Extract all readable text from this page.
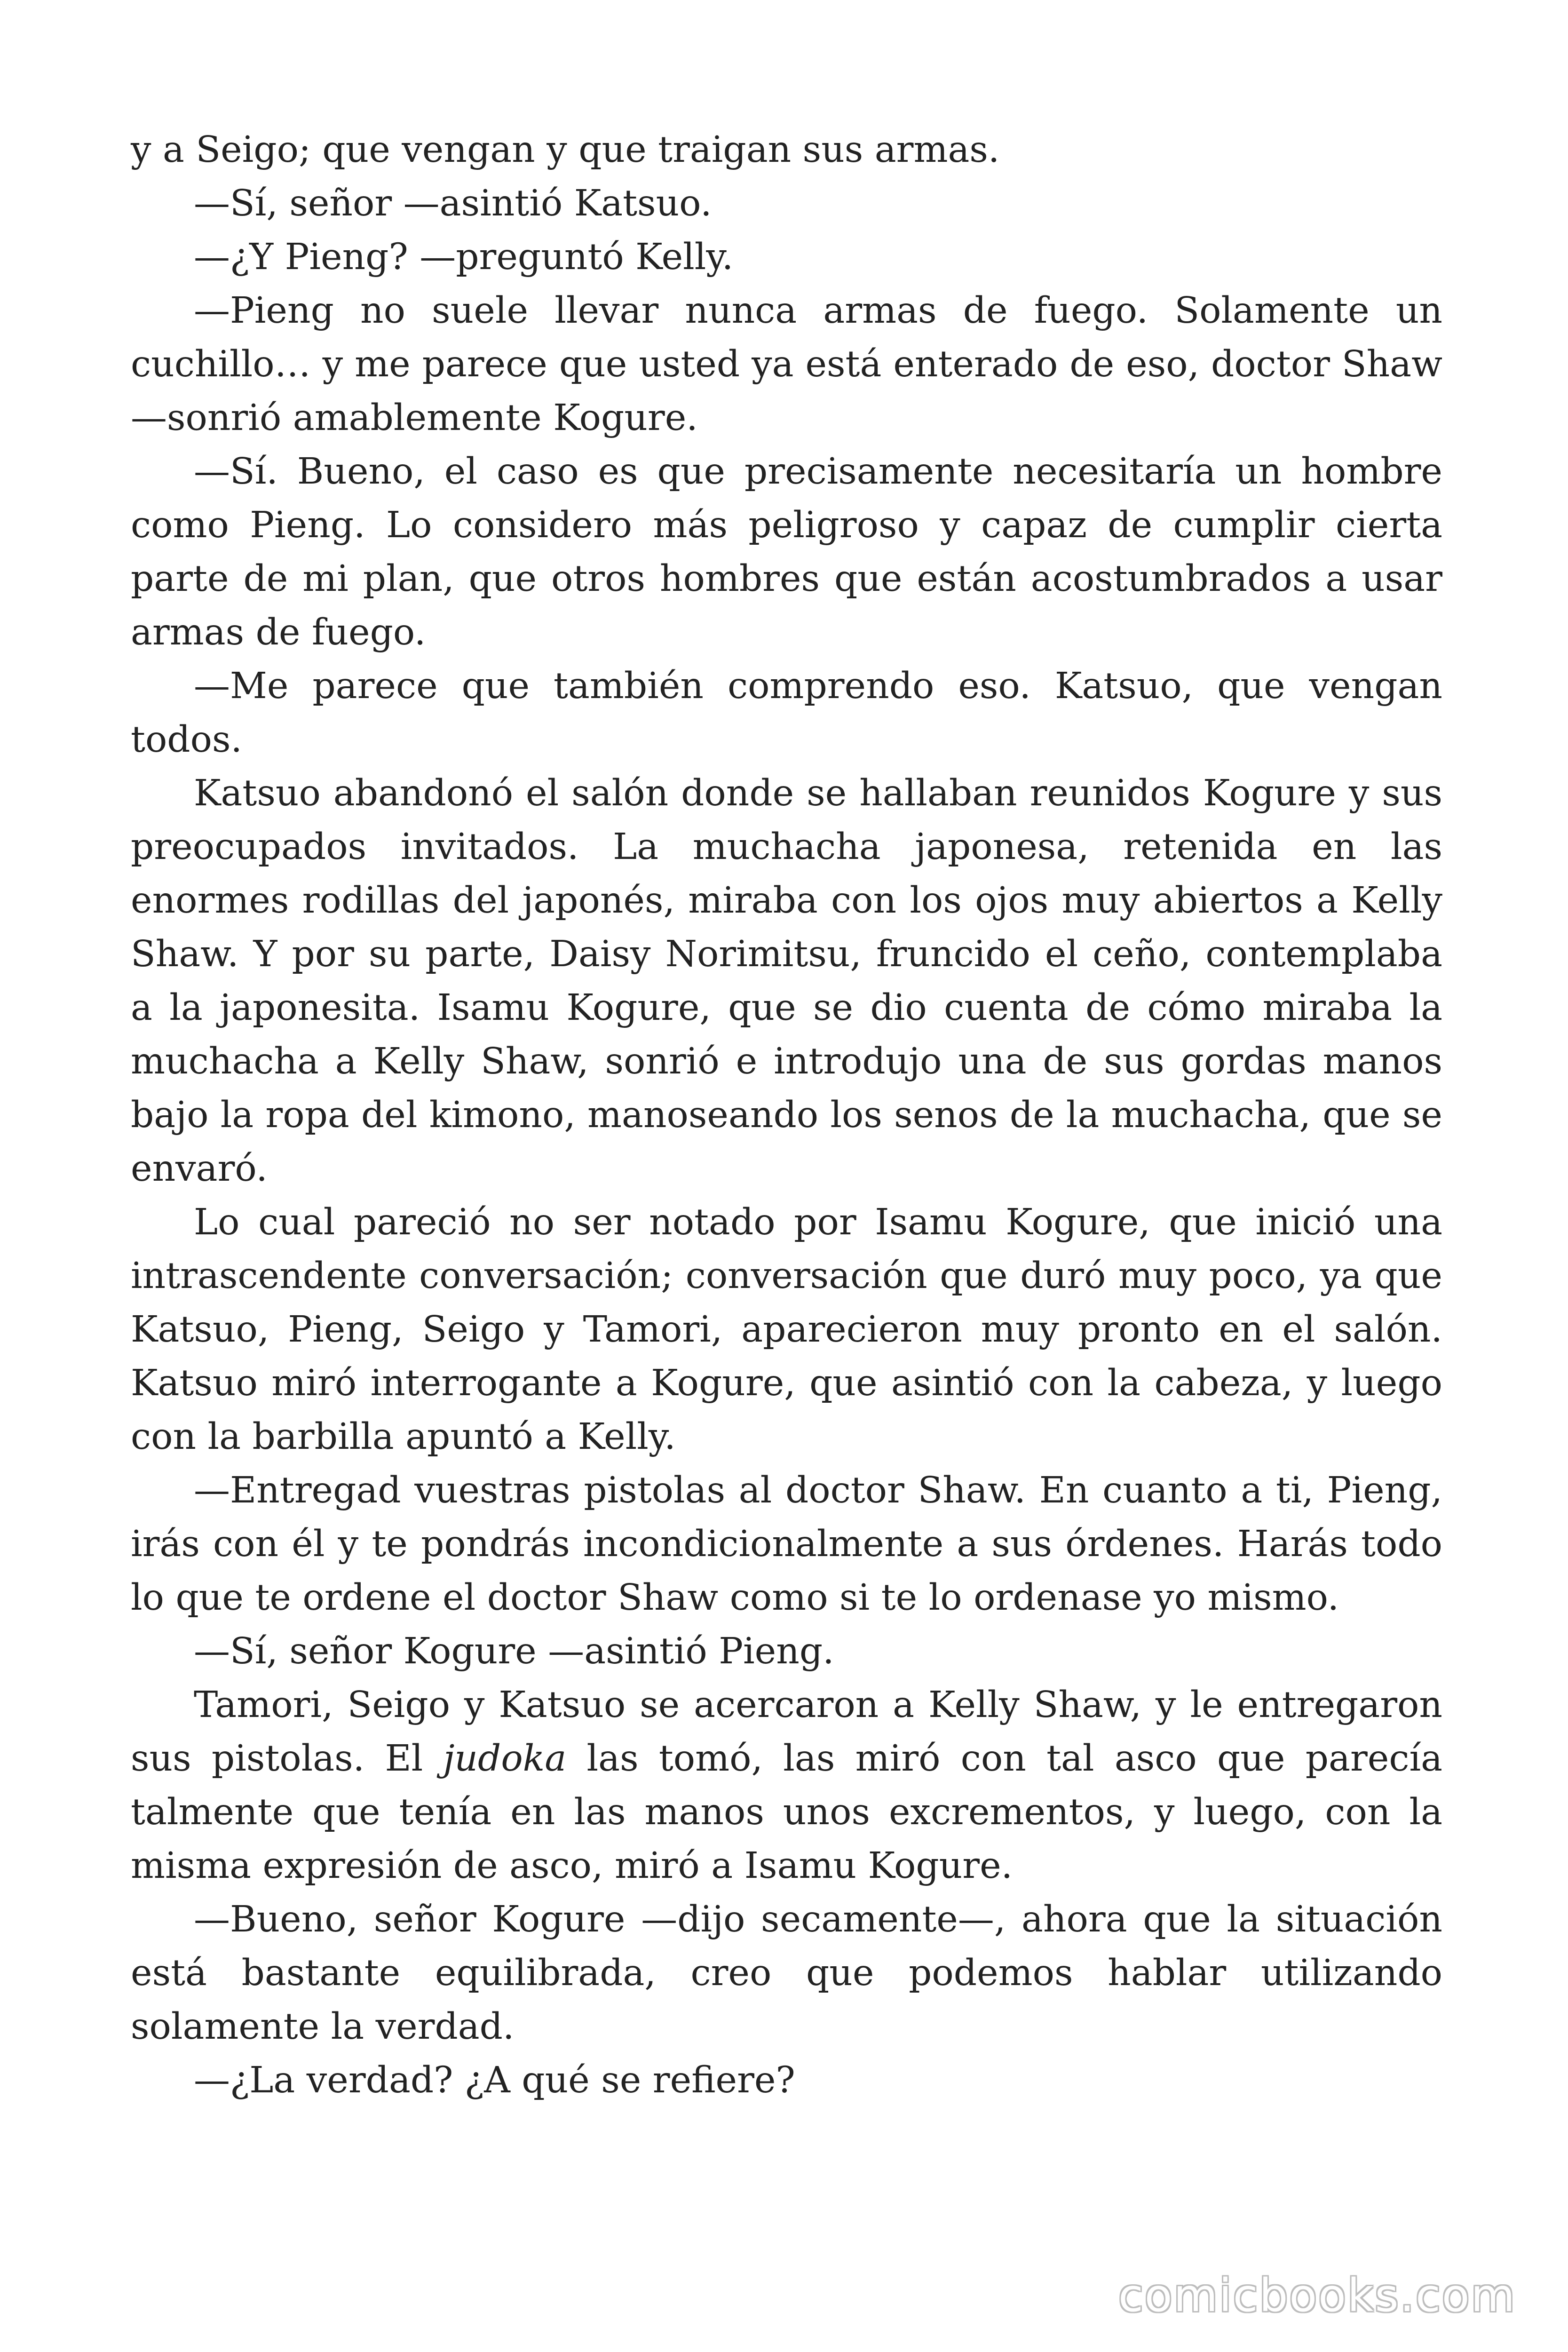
y a Seigo; que vengan y que traigan sus armas.

—Sí, señor —asintió Katsuo.

—¿Y Pieng? —preguntó Kelly.

—Pieng no suele llevar nunca armas de fuego. Solamente un cuchillo… y me parece que usted ya está enterado de eso, doctor Shaw —sonrió amablemente Kogure.

—Sí. Bueno, el caso es que precisamente necesitaría un hombre como Pieng. Lo considero más peligroso y capaz de cumplir cierta parte de mi plan, que otros hombres que están acostumbrados a usar armas de fuego.

—Me parece que también comprendo eso. Katsuo, que vengan todos.

Katsuo abandonó el salón donde se hallaban reunidos Kogure y sus preocupados invitados. La muchacha japonesa, retenida en las enormes rodillas del japonés, miraba con los ojos muy abiertos a Kelly Shaw. Y por su parte, Daisy Norimitsu, fruncido el ceño, contemplaba a la japonesita. Isamu Kogure, que se dio cuenta de cómo miraba la muchacha a Kelly Shaw, sonrió e introdujo una de sus gordas manos bajo la ropa del kimono, manoseando los senos de la muchacha, que se envaró.

Lo cual pareció no ser notado por Isamu Kogure, que inició una intrascendente conversación; conversación que duró muy poco, ya que Katsuo, Pieng, Seigo y Tamori, aparecieron muy pronto en el salón. Katsuo miró interrogante a Kogure, que asintió con la cabeza, y luego con la barbilla apuntó a Kelly.

—Entregad vuestras pistolas al doctor Shaw. En cuanto a ti, Pieng, irás con él y te pondrás incondicionalmente a sus órdenes. Harás todo lo que te ordene el doctor Shaw como si te lo ordenase yo mismo.

—Sí, señor Kogure —asintió Pieng.

Tamori, Seigo y Katsuo se acercaron a Kelly Shaw, y le entregaron sus pistolas. El judoka las tomó, las miró con tal asco que parecía talmente que tenía en las manos unos excrementos, y luego, con la misma expresión de asco, miró a Isamu Kogure.

—Bueno, señor Kogure —dijo secamente—, ahora que la situación está bastante equilibrada, creo que podemos hablar utilizando solamente la verdad.

—¿La verdad? ¿A qué se refiere?

comicbooks.com
